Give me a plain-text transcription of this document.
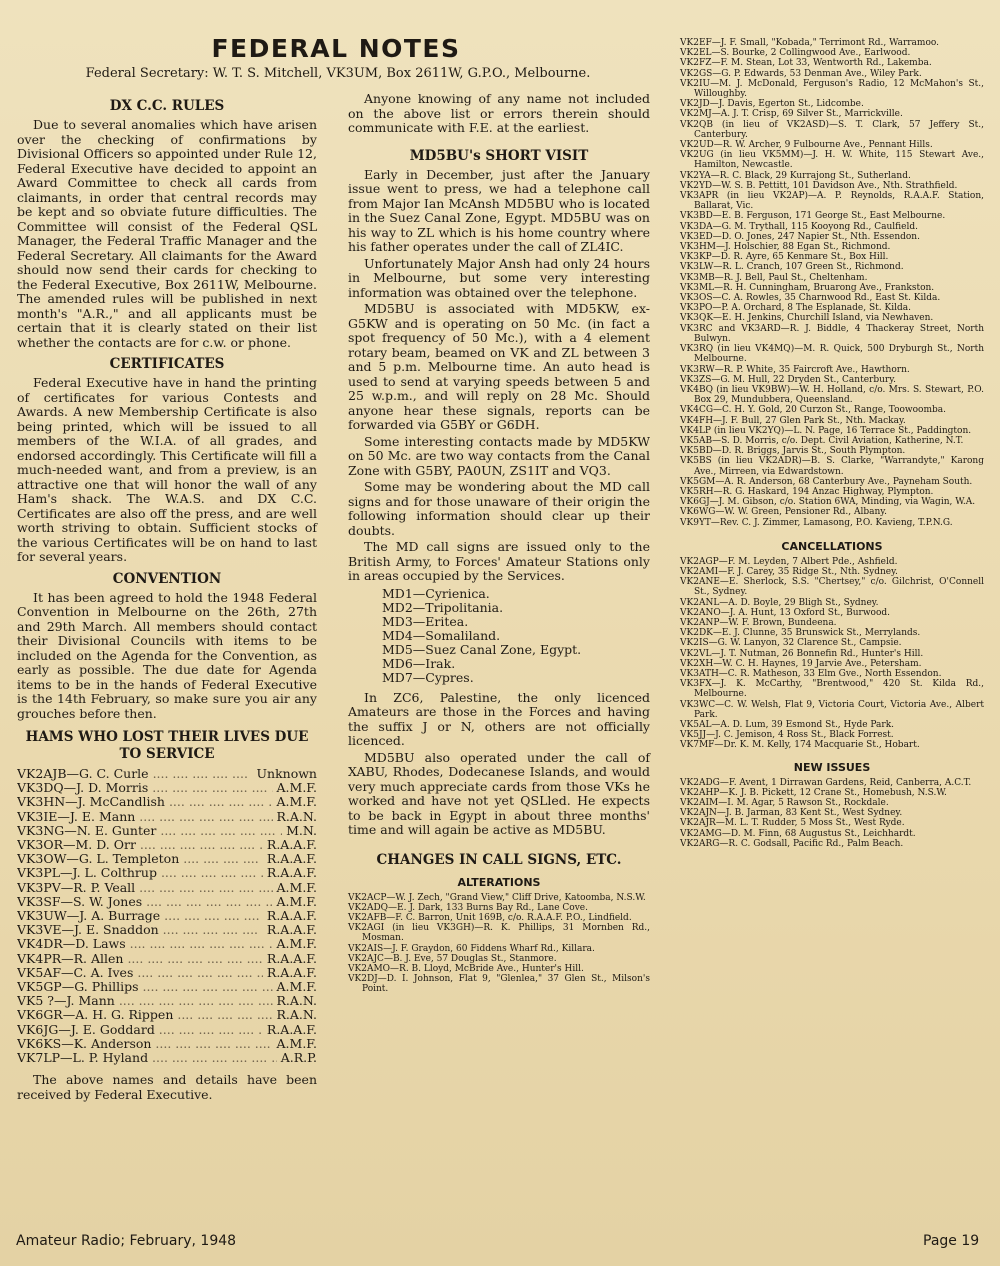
FEDERAL NOTES
Federal Secretary: W. T. S. Mitchell, VK3UM, Box 2611W, G.P.O., Melbourne.
DX C.C. RULES

Due to several anomalies which have arisen over the checking of confirmations by Divisional Officers so appointed under Rule 12, Federal Executive have decided to appoint an Award Committee to check all cards from claimants, in order that central records may be kept and so obviate future difficulties. The Committee will consist of the Federal QSL Manager, the Federal Traffic Manager and the Federal Secretary. All claimants for the Award should now send their cards for checking to the Federal Executive, Box 2611W, Melbourne. The amended rules will be published in next month's "A.R.," and all applicants must be certain that it is clearly stated on their list whether the contacts are for c.w. or phone.

CERTIFICATES

Federal Executive have in hand the printing of certificates for various Contests and Awards. A new Membership Certificate is also being printed, which will be issued to all members of the W.I.A. of all grades, and endorsed accordingly. This Certificate will fill a much-needed want, and from a preview, is an attractive one that will honor the wall of any Ham's shack. The W.A.S. and DX C.C. Certificates are also off the press, and are well worth striving to obtain. Sufficient stocks of the various Certificates will be on hand to last for several years.

CONVENTION

It has been agreed to hold the 1948 Federal Convention in Melbourne on the 26th, 27th and 29th March. All members should contact their Divisional Councils with items to be included on the Agenda for the Convention, as early as possible. The due date for Agenda items to be in the hands of Federal Executive is the 14th February, so make sure you air any grouches before then.

HAMS WHO LOST THEIR LIVES DUE TO SERVICE
VK2AJB—G. C. Curle ....	Unknown
VK3DQ—J. D. Morris ....	A.M.F.
VK3HN—J. McCandlish ....	A.M.F.
VK3IE—J. E. Mann ....	R.A.N.
VK3NG—N. E. Gunter ....	M.N.
VK3OR—M. D. Orr ....	R.A.A.F.
VK3OW—G. L. Templeton ....	R.A.A.F.
VK3PL—J. L. Colthrup ....	R.A.A.F.
VK3PV—R. P. Veall ....	A.M.F.
VK3SF—S. W. Jones ....	A.M.F.
VK3UW—J. A. Burrage ....	R.A.A.F.
VK3VE—J. E. Snaddon ....	R.A.A.F.
VK4DR—D. Laws ....	A.M.F.
VK4PR—R. Allen ....	R.A.A.F.
VK5AF—C. A. Ives ....	R.A.A.F.
VK5GP—G. Phillips ....	A.M.F.
VK5 ?—J. Mann ....	R.A.N.
VK6GR—A. H. G. Rippen ....	R.A.N.
VK6JG—J. E. Goddard ....	R.A.A.F.
VK6KS—K. Anderson ....	A.M.F.
VK7LP—L. P. Hyland ....	A.R.P.

The above names and details have been received by Federal Executive.

Anyone knowing of any name not included on the above list or errors therein should communicate with F.E. at the earliest.

MD5BU's SHORT VISIT

Early in December, just after the January issue went to press, we had a telephone call from Major Ian McAnsh MD5BU who is located in the Suez Canal Zone, Egypt. MD5BU was on his way to ZL which is his home country where his father operates under the call of ZL4IC.

Unfortunately Major Ansh had only 24 hours in Melbourne, but some very interesting information was obtained over the telephone.

MD5BU is associated with MD5KW, ex-G5KW and is operating on 50 Mc. (in fact a spot frequency of 50 Mc.), with a 4 element rotary beam, beamed on VK and ZL between 3 and 5 p.m. Melbourne time. An auto head is used to send at varying speeds between 5 and 25 w.p.m., and will reply on 28 Mc. Should anyone hear these signals, reports can be forwarded via G5BY or G6DH.

Some interesting contacts made by MD5KW on 50 Mc. are two way contacts from the Canal Zone with G5BY, PA0UN, ZS1IT and VQ3.

Some may be wondering about the MD call signs and for those unaware of their origin the following information should clear up their doubts.

The MD call signs are issued only to the British Army, to Forces' Amateur Stations only in areas occupied by the Services.

MD1—Cyrienica.
MD2—Tripolitania.
MD3—Eritea.
MD4—Somaliland.
MD5—Suez Canal Zone, Egypt.
MD6—Irak.
MD7—Cypres.

In ZC6, Palestine, the only licenced Amateurs are those in the Forces and having the suffix J or N, others are not officially licenced.

MD5BU also operated under the call of XABU, Rhodes, Dodecanese Islands, and would very much appreciate cards from those VKs he worked and have not yet QSLled. He expects to be back in Egypt in about three months' time and will again be active as MD5BU.

CHANGES IN CALL SIGNS, ETC.
ALTERATIONS
VK2ACP—W. J. Zech, "Grand View," Cliff Drive, Katoomba, N.S.W.
VK2ADQ—E. J. Dark, 133 Burns Bay Rd., Lane Cove.
VK2AFB—F. C. Barron, Unit 169B, c/o. R.A.A.F. P.O., Lindfield.
VK2AGI (in lieu VK3GH)—R. K. Phillips, 31 Mornben Rd., Mosman.
VK2AIS—J. F. Graydon, 60 Fiddens Wharf Rd., Killara.
VK2AJC—B. J. Eve, 57 Douglas St., Stanmore.
VK2AMO—R. B. Lloyd, McBride Ave., Hunter's Hill.
VK2DJ—D. I. Johnson, Flat 9, "Glenlea," 37 Glen St., Milson's Point.
VK2EF—J. F. Small, "Kobada," Terrimont Rd., Warramoo.
VK2EL—S. Bourke, 2 Collingwood Ave., Earlwood.
VK2FZ—F. M. Stean, Lot 33, Wentworth Rd., Lakemba.
VK2GS—G. P. Edwards, 53 Denman Ave., Wiley Park.
VK2IU—M. J. McDonald, Ferguson's Radio, 12 McMahon's St., Willoughby.
VK2JD—J. Davis, Egerton St., Lidcombe.
VK2MJ—A. J. T. Crisp, 69 Silver St., Marrickville.
VK2QB (in lieu of VK2ASD)—S. T. Clark, 57 Jeffery St., Canterbury.
VK2UD—R. W. Archer, 9 Fulbourne Ave., Pennant Hills.
VK2UG (in lieu VK5MM)—J. H. W. White, 115 Stewart Ave., Hamilton, Newcastle.
VK2YA—R. C. Black, 29 Kurrajong St., Sutherland.
VK2YD—W. S. B. Pettitt, 101 Davidson Ave., Nth. Strathfield.
VK3APR (in lieu VK2AP)—A. P. Reynolds, R.A.A.F. Station, Ballarat, Vic.
VK3BD—E. B. Ferguson, 171 George St., East Melbourne.
VK3DA—G. M. Trythall, 115 Kooyong Rd., Caulfield.
VK3ED—D. O. Jones, 247 Napier St., Nth. Essendon.
VK3HM—J. Holschier, 88 Egan St., Richmond.
VK3KP—D. R. Ayre, 65 Kenmare St., Box Hill.
VK3LW—R. L. Cranch, 107 Green St., Richmond.
VK3MB—R. J. Bell, Paul St., Cheltenham.
VK3ML—R. H. Cunningham, Bruarong Ave., Frankston.
VK3OS—C. A. Rowles, 35 Charnwood Rd., East St. Kilda.
VK3PO—P. A. Orchard, 8 The Esplanade, St. Kilda.
VK3QK—E. H. Jenkins, Churchill Island, via Newhaven.
VK3RC and VK3ARD—R. J. Biddle, 4 Thackeray Street, North Bulwyn.
VK3RQ (in lieu VK4MQ)—M. R. Quick, 500 Dryburgh St., North Melbourne.
VK3RW—R. P. White, 35 Faircroft Ave., Hawthorn.
VK3ZS—G. M. Hull, 22 Dryden St., Canterbury.
VK4BQ (in lieu VK9BW)—W. H. Holland, c/o. Mrs. S. Stewart, P.O. Box 29, Mundubbera, Queensland.
VK4CG—C. H. Y. Gold, 20 Curzon St., Range, Toowoomba.
VK4FH—J. F. Bull, 27 Glen Park St., Nth. Mackay.
VK4LP (in lieu VK2YQ)—L. N. Page, 16 Terrace St., Paddington.
VK5AB—S. D. Morris, c/o. Dept. Civil Aviation, Katherine, N.T.
VK5BD—D. R. Briggs, Jarvis St., South Plympton.
VK5BS (in lieu VK2ADR)—B. S. Clarke, "Warrandyte," Karong Ave., Mirreen, via Edwardstown.
VK5GM—A. R. Anderson, 68 Canterbury Ave., Payneham South.
VK5RH—R. G. Haskard, 194 Anzac Highway, Plympton.
VK6GJ—J. M. Gibson, c/o. Station 6WA, Minding, via Wagin, W.A.
VK6WG—W. W. Green, Pensioner Rd., Albany.
VK9YT—Rev. C. J. Zimmer, Lamasong, P.O. Kavieng, T.P.N.G.
CANCELLATIONS
VK2AGP—F. M. Leyden, 7 Albert Pde., Ashfield.
VK2AMI—F. J. Carey, 35 Ridge St., Nth. Sydney.
VK2ANE—E. Sherlock, S.S. "Chertsey," c/o. Gilchrist, O'Connell St., Sydney.
VK2ANL—A. D. Boyle, 29 Bligh St., Sydney.
VK2ANO—J. A. Hunt, 13 Oxford St., Burwood.
VK2ANP—W. F. Brown, Bundeena.
VK2DK—E. J. Clunne, 35 Brunswick St., Merrylands.
VK2IS—G. W. Lanyon, 32 Clarence St., Campsie.
VK2VL—J. T. Nutman, 26 Bonnefin Rd., Hunter's Hill.
VK2XH—W. C. H. Haynes, 19 Jarvie Ave., Petersham.
VK3ATH—C. R. Matheson, 33 Elm Gve., North Essendon.
VK3FX—J. K. McCarthy, "Brentwood," 420 St. Kilda Rd., Melbourne.
VK3WC—C. W. Welsh, Flat 9, Victoria Court, Victoria Ave., Albert Park.
VK5AL—A. D. Lum, 39 Esmond St., Hyde Park.
VK5JJ—J. C. Jemison, 4 Ross St., Black Forrest.
VK7MF—Dr. K. M. Kelly, 174 Macquarie St., Hobart.
NEW ISSUES
VK2ADG—F. Avent, 1 Dirrawan Gardens, Reid, Canberra, A.C.T.
VK2AHP—K. J. B. Pickett, 12 Crane St., Homebush, N.S.W.
VK2AIM—I. M. Agar, 5 Rawson St., Rockdale.
VK2AJN—J. B. Jarman, 83 Kent St., West Sydney.
VK2AJR—M. L. T. Rudder, 5 Moss St., West Ryde.
VK2AMG—D. M. Finn, 68 Augustus St., Leichhardt.
VK2ARG—R. C. Godsall, Pacific Rd., Palm Beach.
Amateur Radio; February, 1948	Page 19
